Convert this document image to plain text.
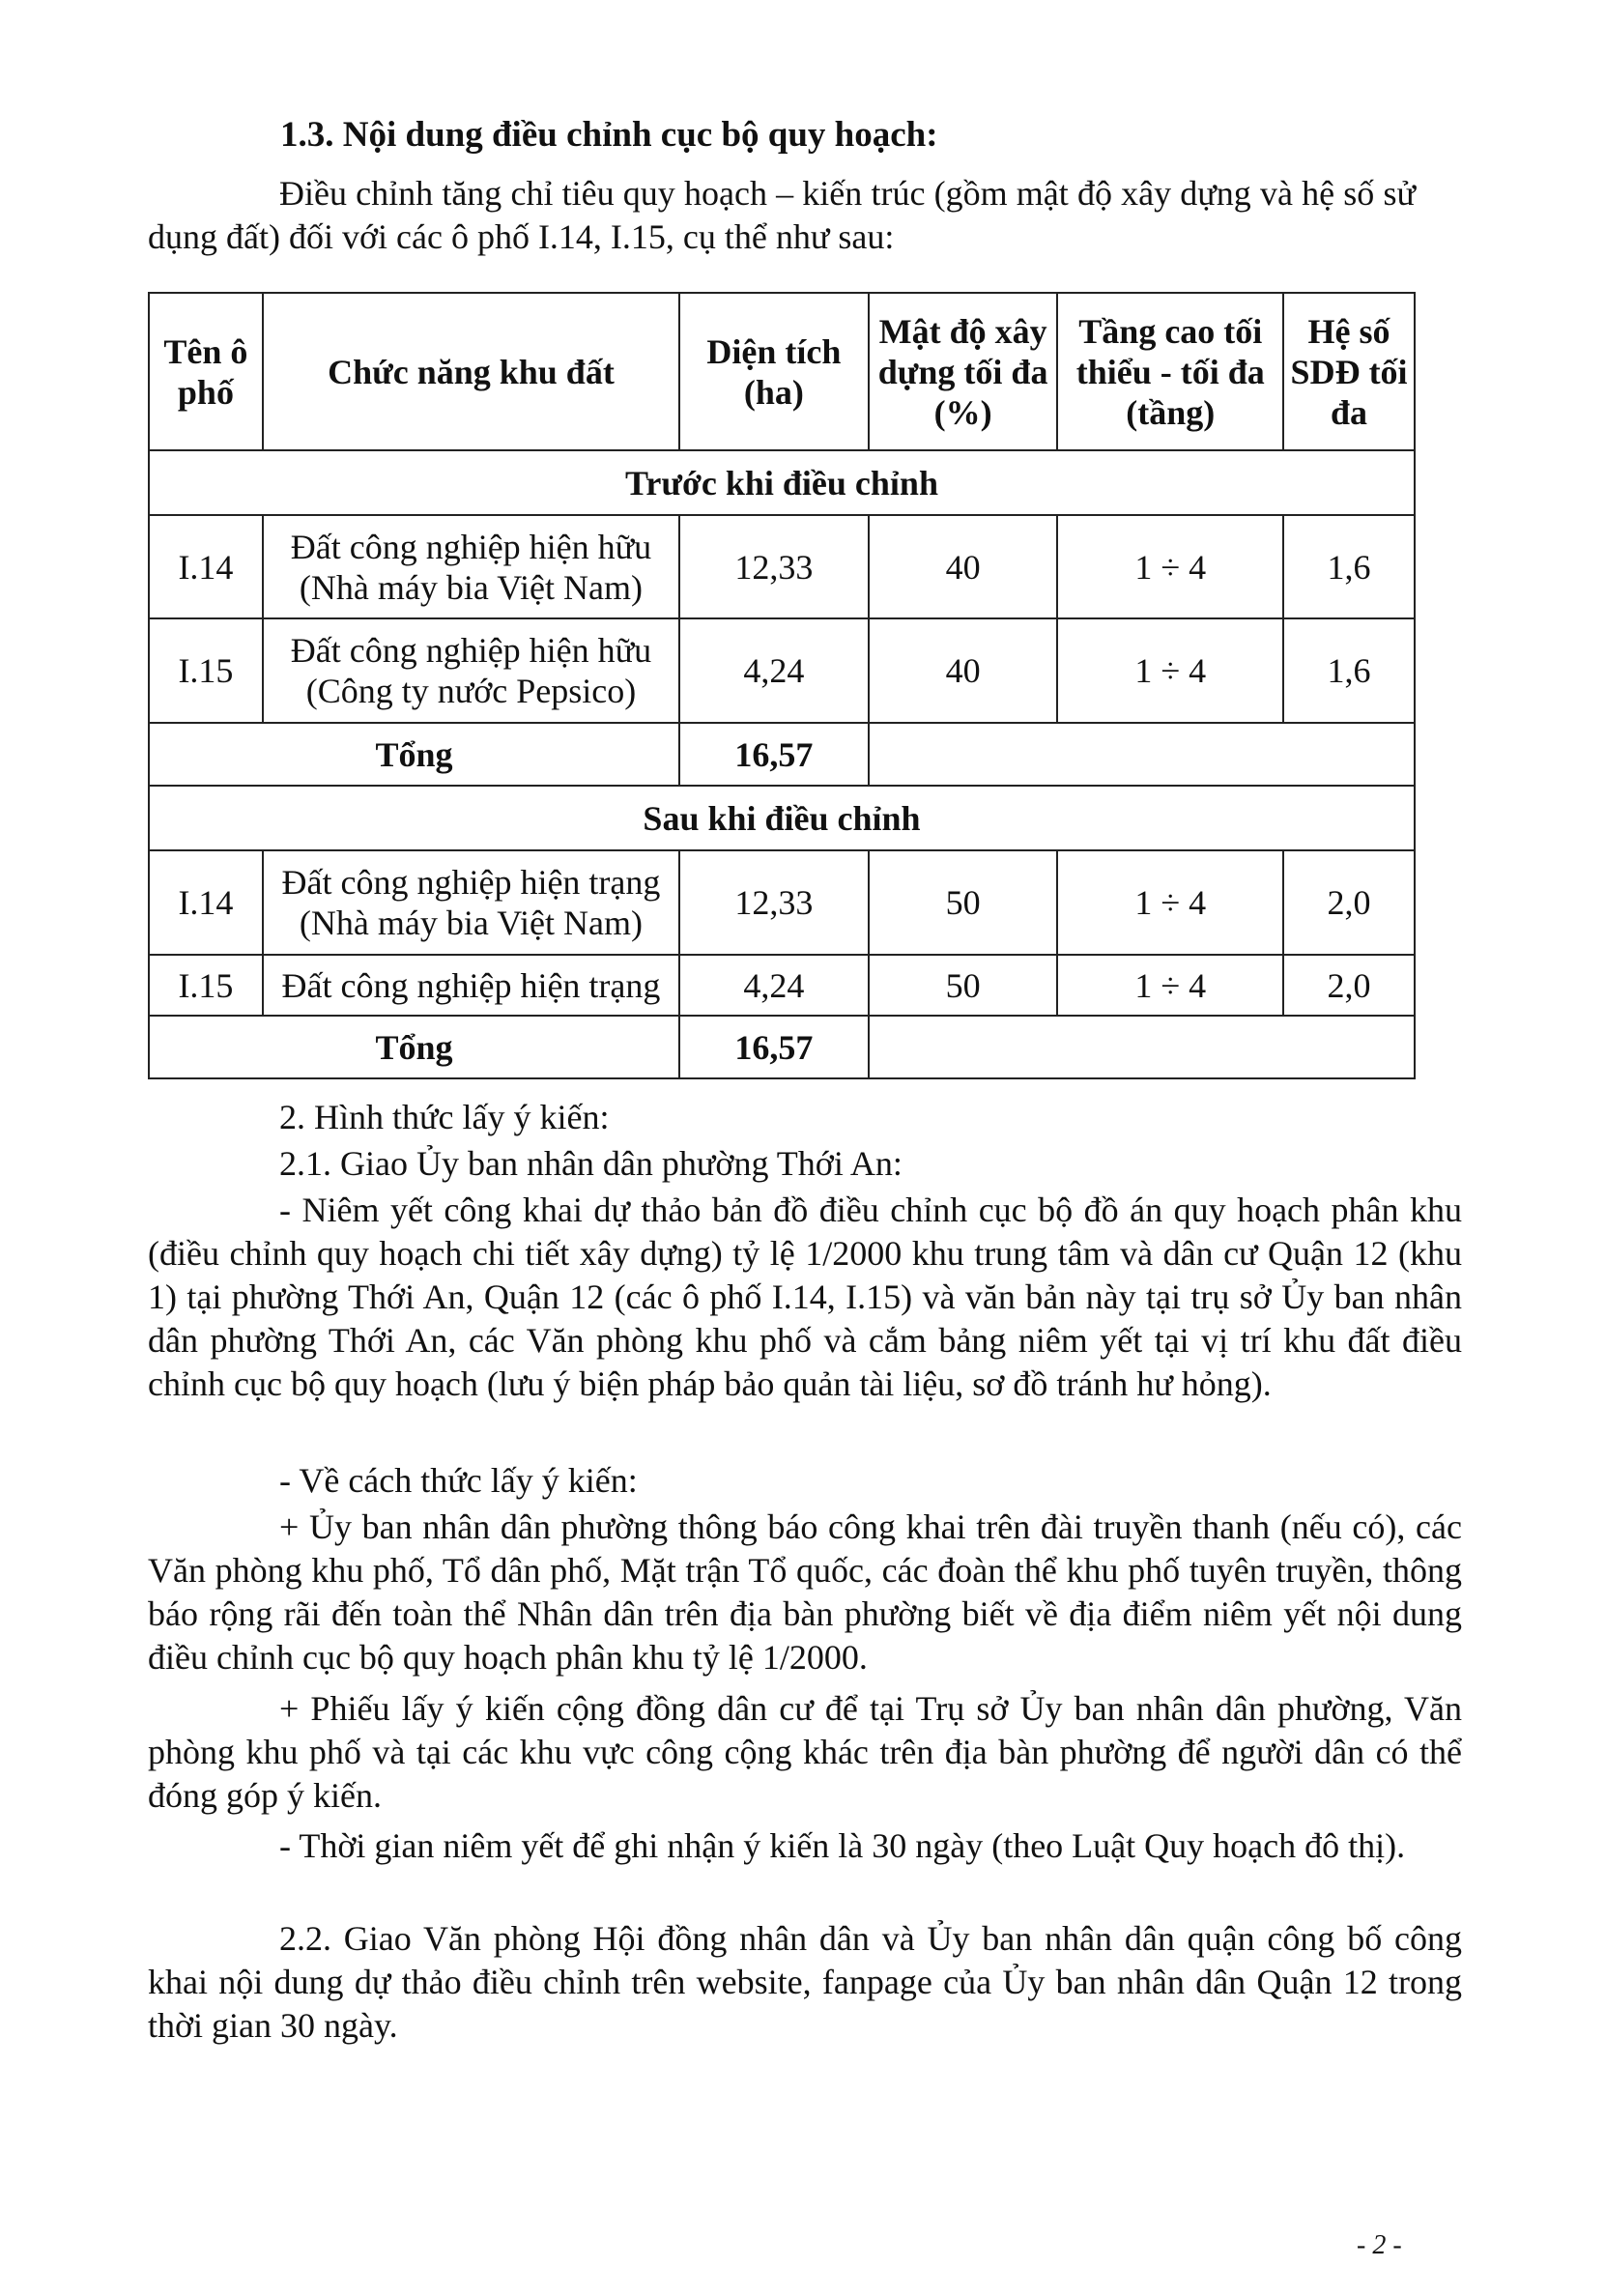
1.3. Nội dung điều chỉnh cục bộ quy hoạch:
Điều chỉnh tăng chỉ tiêu quy hoạch – kiến trúc (gồm mật độ xây dựng và hệ số sử dụng đất) đối với các ô phố I.14, I.15, cụ thể như sau:
Tên ô phố	Chức năng khu đất	Diện tích (ha)	Mật độ xây dựng tối đa (%)	Tầng cao tối thiểu - tối đa (tầng)	Hệ số SDĐ tối đa
Trước khi điều chỉnh					
I.14	Đất công nghiệp hiện hữu (Nhà máy bia Việt Nam)	12,33	40	1 ÷ 4	1,6
I.15	Đất công nghiệp hiện hữu (Công ty nước Pepsico)	4,24	40	1 ÷ 4	1,6
Tổng		16,57			
Sau khi điều chỉnh					
I.14	Đất công nghiệp hiện trạng (Nhà máy bia Việt Nam)	12,33	50	1 ÷ 4	2,0
I.15	Đất công nghiệp hiện trạng	4,24	50	1 ÷ 4	2,0
Tổng		16,57			
2. Hình thức lấy ý kiến:
2.1. Giao Ủy ban nhân dân phường Thới An:
- Niêm yết công khai dự thảo bản đồ điều chỉnh cục bộ đồ án quy hoạch phân khu (điều chỉnh quy hoạch chi tiết xây dựng) tỷ lệ 1/2000 khu trung tâm và dân cư Quận 12 (khu 1) tại phường Thới An, Quận 12 (các ô phố I.14, I.15) và văn bản này tại trụ sở Ủy ban nhân dân phường Thới An, các Văn phòng khu phố và cắm bảng niêm yết tại vị trí khu đất điều chỉnh cục bộ quy hoạch (lưu ý biện pháp bảo quản tài liệu, sơ đồ tránh hư hỏng).
- Về cách thức lấy ý kiến:
+ Ủy ban nhân dân phường thông báo công khai trên đài truyền thanh (nếu có), các Văn phòng khu phố, Tổ dân phố, Mặt trận Tổ quốc, các đoàn thể khu phố tuyên truyền, thông báo rộng rãi đến toàn thể Nhân dân trên địa bàn phường biết về địa điểm niêm yết nội dung điều chỉnh cục bộ quy hoạch phân khu tỷ lệ 1/2000.
+ Phiếu lấy ý kiến cộng đồng dân cư để tại Trụ sở Ủy ban nhân dân phường, Văn phòng khu phố và tại các khu vực công cộng khác trên địa bàn phường để người dân có thể đóng góp ý kiến.
- Thời gian niêm yết để ghi nhận ý kiến là 30 ngày (theo Luật Quy hoạch đô thị).
2.2. Giao Văn phòng Hội đồng nhân dân và Ủy ban nhân dân quận công bố công khai nội dung dự thảo điều chỉnh trên website, fanpage của Ủy ban nhân dân Quận 12 trong thời gian 30 ngày.
- 2 -
